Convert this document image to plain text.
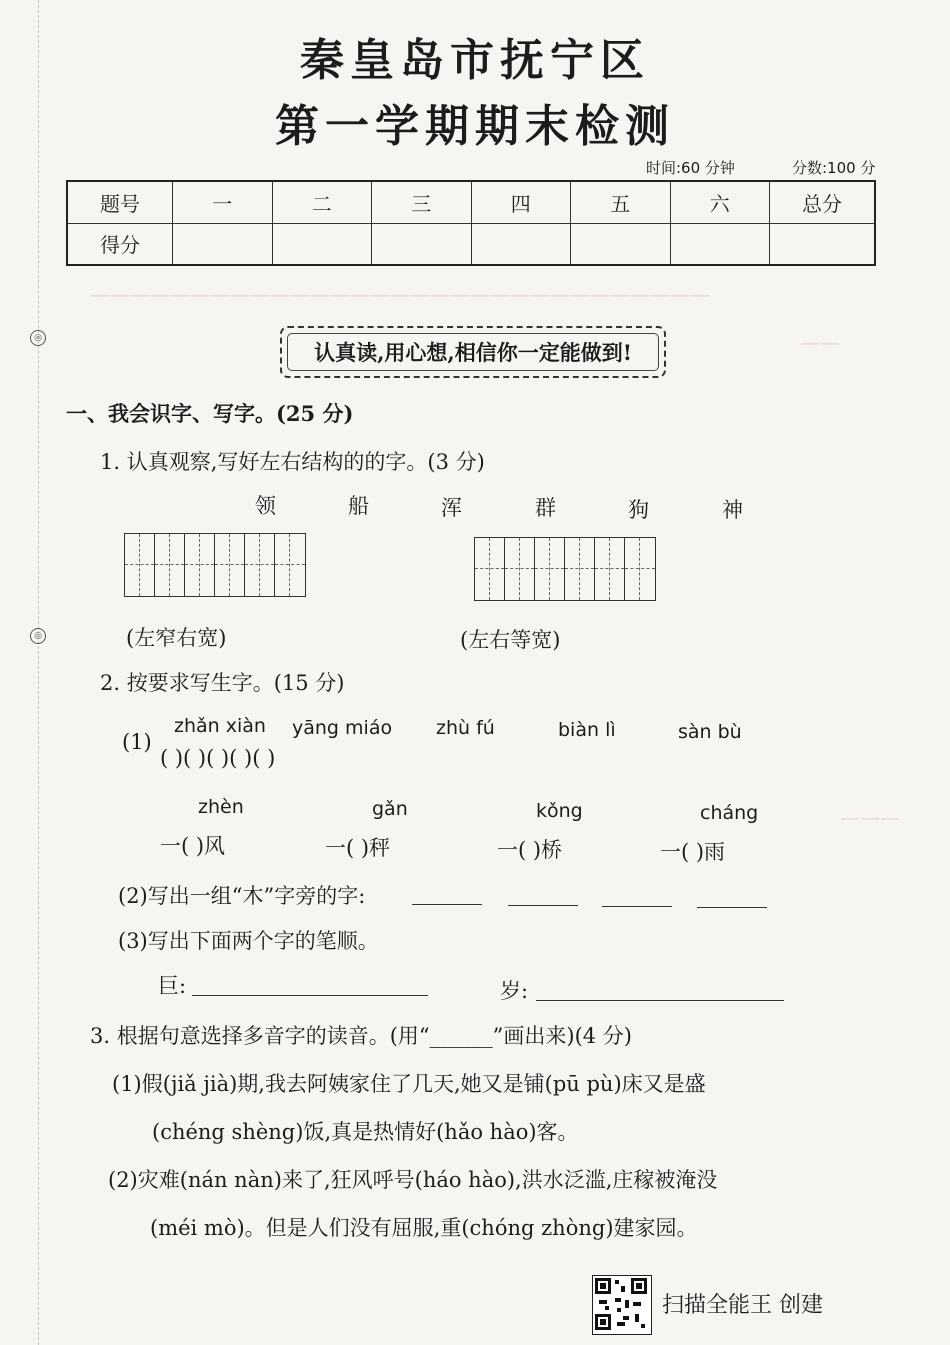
◎
◎
———————————————————————————————
——
———
秦皇岛市抚宁区
第一学期期末检测
时间:60 分钟	分数:100 分
题号	一	二	三	四	五	六	总分
得分							
认真读,用心想,相信你一定能做到!
一、我会识字、写字。(25 分)
1. 认真观察,写好左右结构的的字。(3 分)
领	船	浑	群	狗	神
(左窄右宽)	(左右等宽)
2. 按要求写生字。(15 分)
zhǎn xiàn yāng miáo zhù fú	biàn lì	sàn bù
(1)
( )( )( )( )( )
zhèn	gǎn	kǒng	cháng
一( )风	一( )秤	一( )桥	一( )雨
(2)写出一组“木”字旁的字:
(3)写出下面两个字的笔顺。
巨:	岁:
3. 根据句意选择多音字的读音。(用“______”画出来)(4 分)
(1)假(jiǎ jià)期,我去阿姨家住了几天,她又是铺(pū pù)床又是盛
(chéng shèng)饭,真是热情好(hǎo hào)客。
(2)灾难(nán nàn)来了,狂风呼号(háo hào),洪水泛滥,庄稼被淹没
(méi mò)。但是人们没有屈服,重(chóng zhòng)建家园。
扫描全能王 创建
